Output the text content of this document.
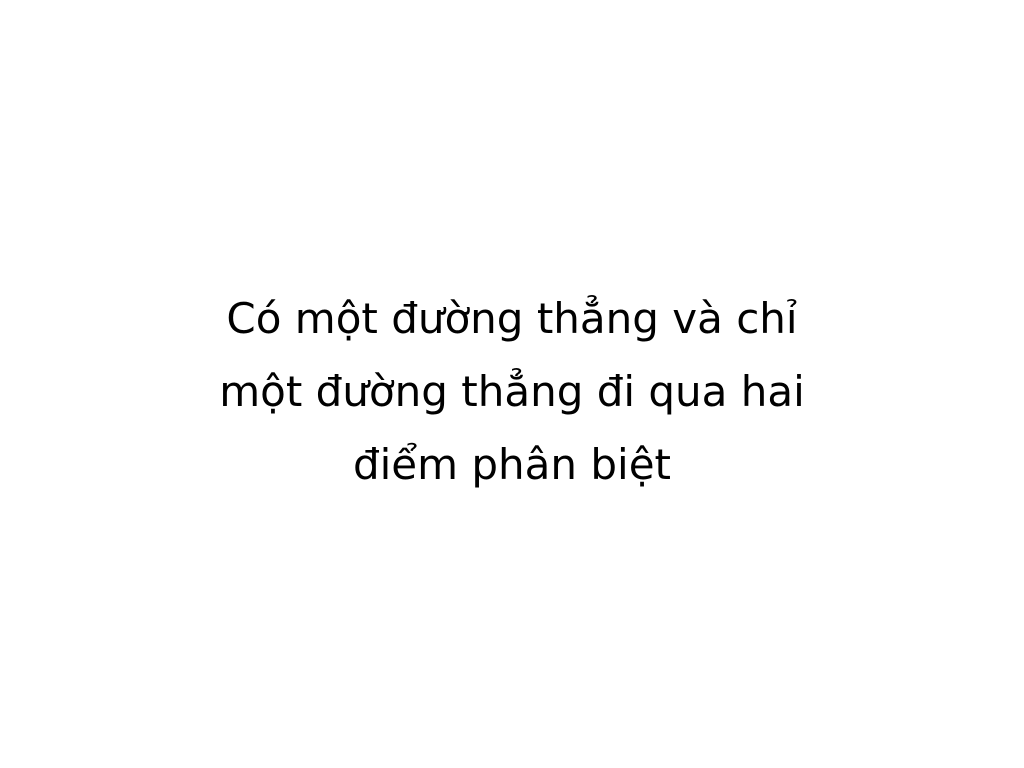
Có một đường thẳng và chỉ
một đường thẳng đi qua hai
điểm phân biệt
